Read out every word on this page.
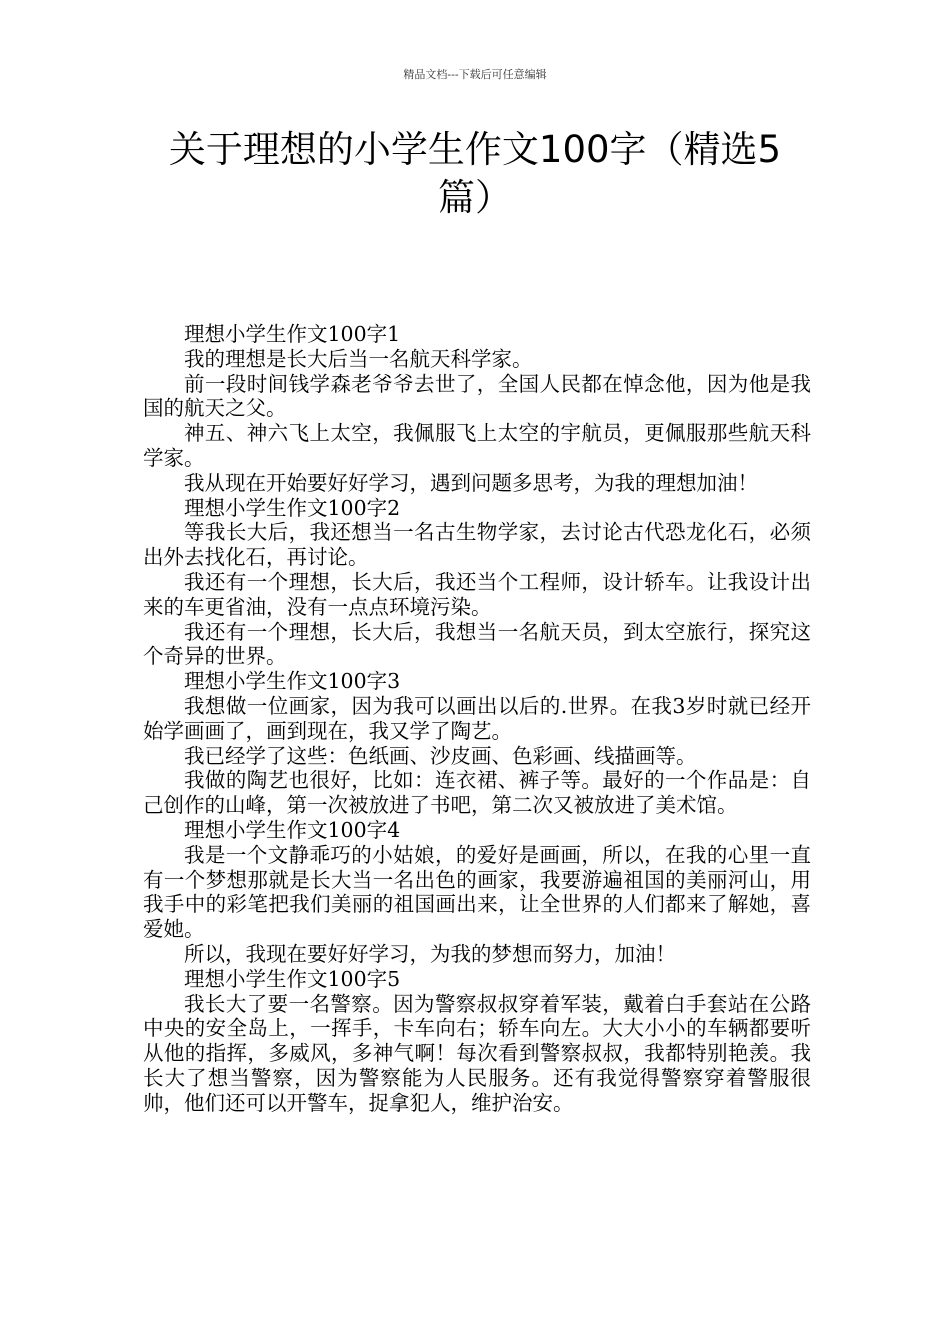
精品文档---下载后可任意编辑
关于理想的小学生作文100字（精选5篇）

理想小学生作文100字1

我的理想是长大后当一名航天科学家。

前一段时间钱学森老爷爷去世了，全国人民都在悼念他，因为他是我国的航天之父。

神五、神六飞上太空，我佩服飞上太空的宇航员，更佩服那些航天科学家。

我从现在开始要好好学习，遇到问题多思考，为我的理想加油！

理想小学生作文100字2

等我长大后，我还想当一名古生物学家，去讨论古代恐龙化石，必须出外去找化石，再讨论。

我还有一个理想，长大后，我还当个工程师，设计轿车。让我设计出来的车更省油，没有一点点环境污染。

我还有一个理想，长大后，我想当一名航天员，到太空旅行，探究这个奇异的世界。

理想小学生作文100字3

我想做一位画家，因为我可以画出以后的.世界。在我3岁时就已经开始学画画了，画到现在，我又学了陶艺。

我已经学了这些：色纸画、沙皮画、色彩画、线描画等。

我做的陶艺也很好，比如：连衣裙、裤子等。最好的一个作品是：自己创作的山峰，第一次被放进了书吧，第二次又被放进了美术馆。

理想小学生作文100字4

我是一个文静乖巧的小姑娘，的爱好是画画，所以，在我的心里一直有一个梦想那就是长大当一名出色的画家，我要游遍祖国的美丽河山，用我手中的彩笔把我们美丽的祖国画出来，让全世界的人们都来了解她，喜爱她。

所以，我现在要好好学习，为我的梦想而努力，加油！

理想小学生作文100字5

我长大了要一名警察。因为警察叔叔穿着军装，戴着白手套站在公路中央的安全岛上，一挥手，卡车向右；轿车向左。大大小小的车辆都要听从他的指挥，多威风，多神气啊！每次看到警察叔叔，我都特别艳羡。我长大了想当警察，因为警察能为人民服务。还有我觉得警察穿着警服很帅，他们还可以开警车，捉拿犯人，维护治安。
